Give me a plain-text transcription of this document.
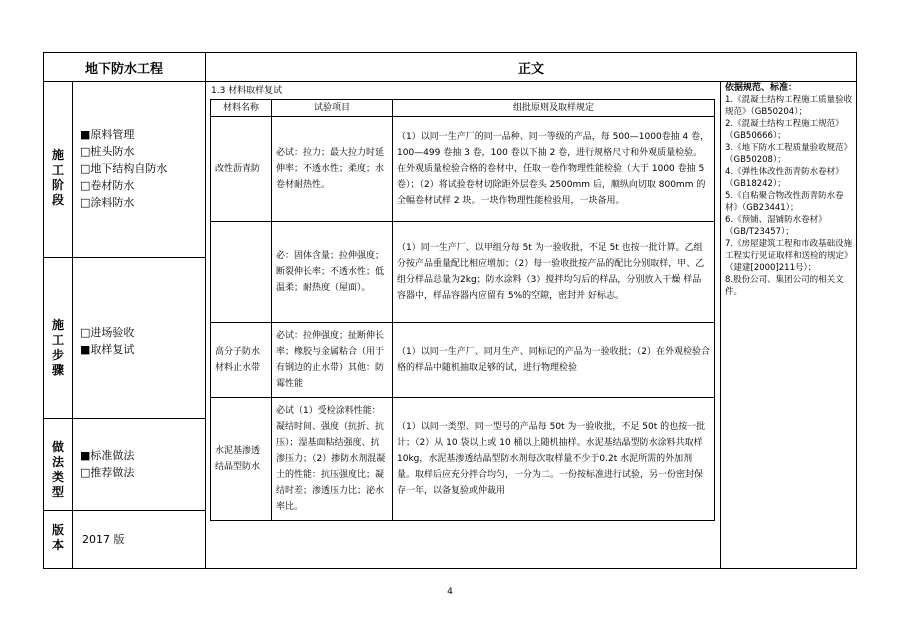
地下防水工程	正文
施工阶段
■原料管理
□桩头防水
□地下结构自防水
□卷材防水
□涂料防水
施工步骤
□进场验收
■取样复试
做法类型
■标准做法
□推荐做法
版本 2017 版
1.3 材料取样复试
材料名称	试验项目	组批原则及取样规定
改性沥青防	必试：拉力；最大拉力时延伸率；不透水性；柔度；水卷材耐热性。	（1）以同一生产厂的同一品种、同一等级的产品，每 500—1000卷抽 4 卷，100—499 卷抽 3 卷，100 卷以下抽 2 卷，进行规格尺寸和外观质量检验。在外观质量检验合格的卷材中，任取一卷作物理性能检验（大于 1000 卷抽 5 卷）；（2）将试验卷材切除距外层卷头 2500mm 后，顺纵向切取 800mm 的全幅卷材试样 2 块。一块作物理性能检验用，一块备用。
	必：固体含量；拉伸强度；断裂伸长率；不透水性；低温柔；耐热度（屋面）。	（1）同一生产厂、以甲组分每 5t 为一验收批，不足 5t 也按一批计算。乙组分按产品重量配比相应增加；（2）每一验收批按产品的配比分别取样，甲、乙组分样品总量为2kg；防水涂料（3）搅拌均匀后的样品，分别放入干燥 样品容器中，样品容器内应留有 5%的空隙，密封并 好标志。
高分子防水材料止水带	必试：拉伸强度；扯断伸长率；橡胶与金属粘合（用于有钢边的止水带）其他：防霉性能	（1）以同一生产厂、同月生产、同标记的产品为一验收批；（2）在外观检验合格的样品中随机抽取足够的试，进行物理检验
水泥基渗透结晶型防水	必试（1）受检涂料性能：凝结时间、强度（抗折、抗压）；湿基面粘结强度、抗渗压力；（2）掺防水剂混凝土的性能：抗压强度比；凝结时差；渗透压力比；泌水率比。	（1）以同一类型、同一型号的产品每 50t 为一验收批，不足 50t 的也按一批计；（2）从 10 袋以上或 10 桶以上随机抽样。水泥基结晶型防水涂料共取样10kg，水泥基渗透结晶型防水剂每次取样量不少于0.2t 水泥所需的外加剂量。取样后应充分拌合均匀，一分为二。一份按标准进行试验，另一份密封保存一年，以备复验或仲裁用
依据规范、标准：
1.《混凝土结构工程施工质量验收规范》（GB50204）；
2.《混凝土结构工程施工规范》（GB50666）；
3.《地下防水工程质量验收规范》（GB50208）；
4.《弹性体改性沥青防水卷材》（GB18242）；
5.《自粘聚合物改性沥青防水卷材》（GB23441）；
6.《预铺、湿铺防水卷材》（GB/T23457）；
7.《房屋建筑工程和市政基础设施工程实行见证取样和送检的规定》（建建[2000]211号）；
8.股份公司、集团公司的相关文件。
4
